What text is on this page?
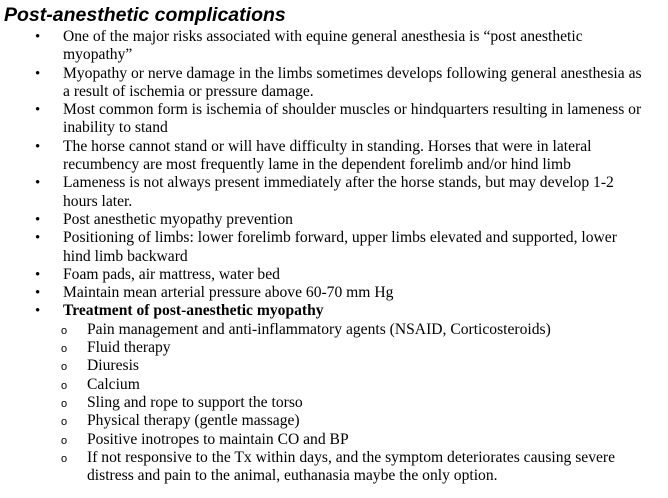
Post-anesthetic complications
• One of the major risks associated with equine general anesthesia is “post anesthetic myopathy”
• Myopathy or nerve damage in the limbs sometimes develops following general anesthesia as a result of ischemia or pressure damage.
• Most common form is ischemia of shoulder muscles or hindquarters resulting in lameness or inability to stand
• The horse cannot stand or will have difficulty in standing. Horses that were in lateral recumbency are most frequently lame in the dependent forelimb and/or hind limb
• Lameness is not always present immediately after the horse stands, but may develop 1-2 hours later.
• Post anesthetic myopathy prevention
• Positioning of limbs: lower forelimb forward, upper limbs elevated and supported, lower hind limb backward
• Foam pads, air mattress, water bed
• Maintain mean arterial pressure above 60-70 mm Hg
• Treatment of post-anesthetic myopathy
o Pain management and anti-inflammatory agents (NSAID, Corticosteroids)
o Fluid therapy
o Diuresis
o Calcium
o Sling and rope to support the torso
o Physical therapy (gentle massage)
o Positive inotropes to maintain CO and BP
o If not responsive to the Tx within days, and the symptom deteriorates causing severe distress and pain to the animal, euthanasia maybe the only option.
